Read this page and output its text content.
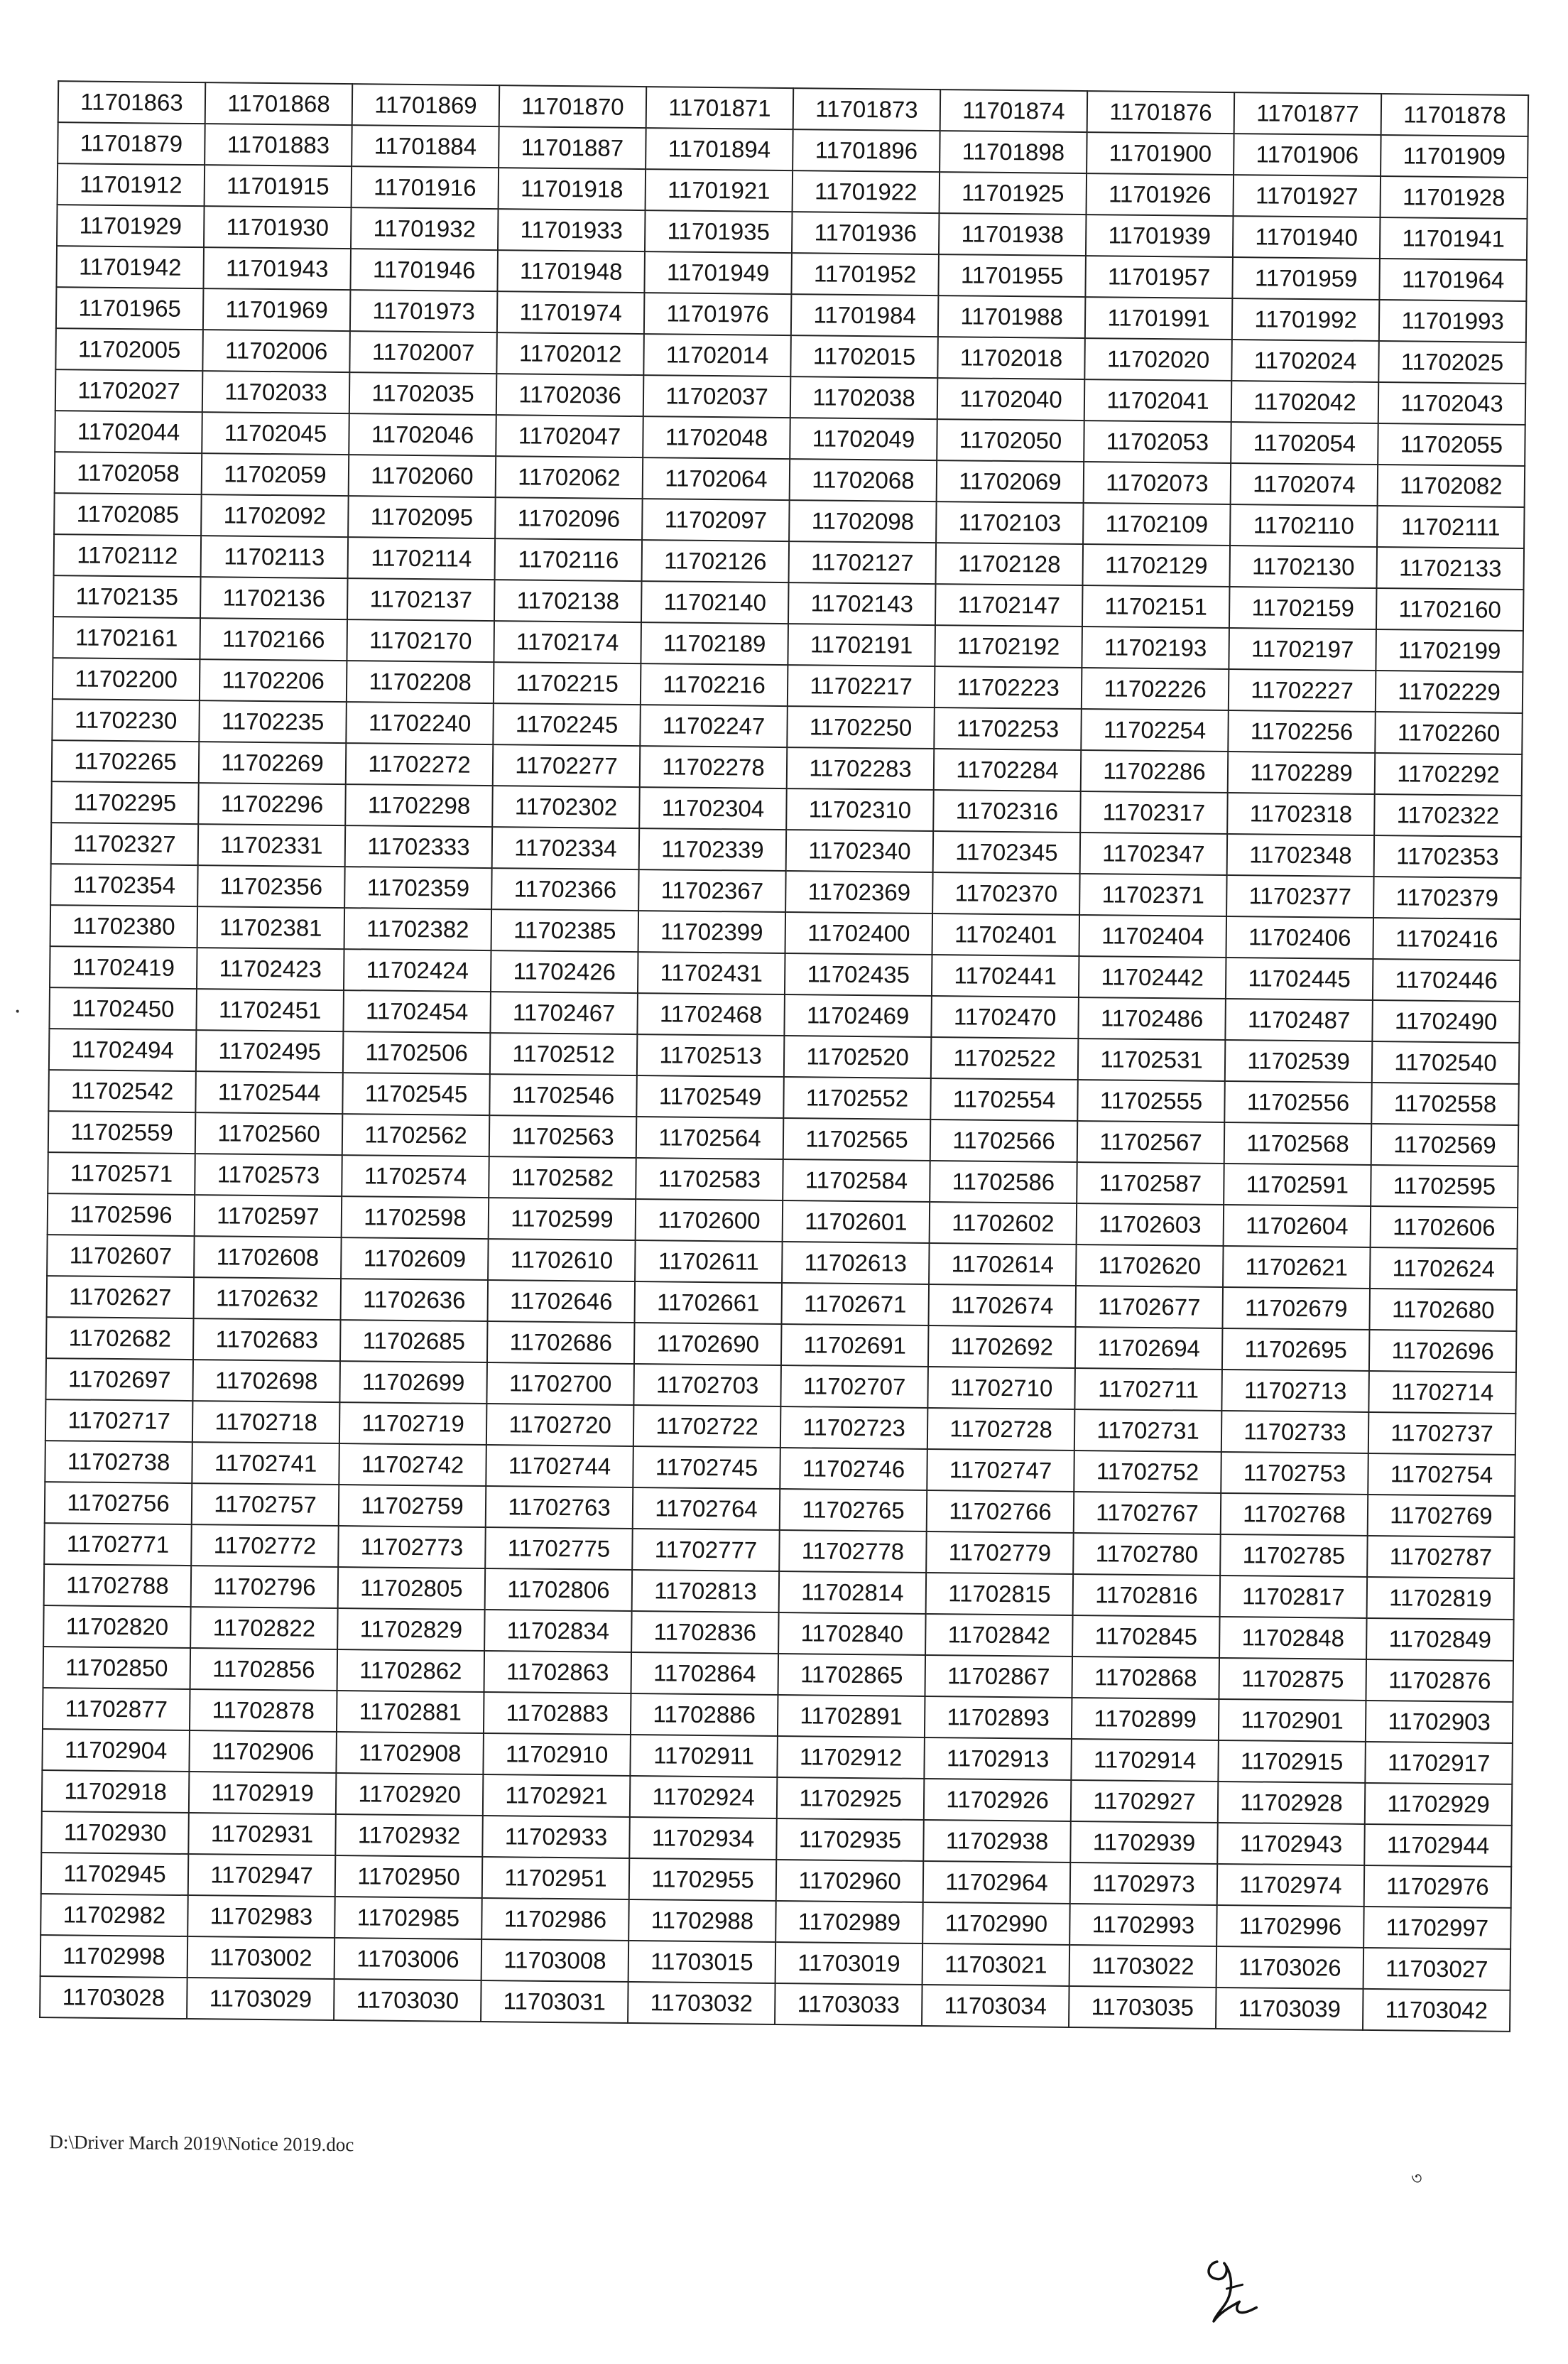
11701863	11701868	11701869	11701870	11701871	11701873	11701874	11701876	11701877	11701878
11701879	11701883	11701884	11701887	11701894	11701896	11701898	11701900	11701906	11701909
11701912	11701915	11701916	11701918	11701921	11701922	11701925	11701926	11701927	11701928
11701929	11701930	11701932	11701933	11701935	11701936	11701938	11701939	11701940	11701941
11701942	11701943	11701946	11701948	11701949	11701952	11701955	11701957	11701959	11701964
11701965	11701969	11701973	11701974	11701976	11701984	11701988	11701991	11701992	11701993
11702005	11702006	11702007	11702012	11702014	11702015	11702018	11702020	11702024	11702025
11702027	11702033	11702035	11702036	11702037	11702038	11702040	11702041	11702042	11702043
11702044	11702045	11702046	11702047	11702048	11702049	11702050	11702053	11702054	11702055
11702058	11702059	11702060	11702062	11702064	11702068	11702069	11702073	11702074	11702082
11702085	11702092	11702095	11702096	11702097	11702098	11702103	11702109	11702110	11702111
11702112	11702113	11702114	11702116	11702126	11702127	11702128	11702129	11702130	11702133
11702135	11702136	11702137	11702138	11702140	11702143	11702147	11702151	11702159	11702160
11702161	11702166	11702170	11702174	11702189	11702191	11702192	11702193	11702197	11702199
11702200	11702206	11702208	11702215	11702216	11702217	11702223	11702226	11702227	11702229
11702230	11702235	11702240	11702245	11702247	11702250	11702253	11702254	11702256	11702260
11702265	11702269	11702272	11702277	11702278	11702283	11702284	11702286	11702289	11702292
11702295	11702296	11702298	11702302	11702304	11702310	11702316	11702317	11702318	11702322
11702327	11702331	11702333	11702334	11702339	11702340	11702345	11702347	11702348	11702353
11702354	11702356	11702359	11702366	11702367	11702369	11702370	11702371	11702377	11702379
11702380	11702381	11702382	11702385	11702399	11702400	11702401	11702404	11702406	11702416
11702419	11702423	11702424	11702426	11702431	11702435	11702441	11702442	11702445	11702446
11702450	11702451	11702454	11702467	11702468	11702469	11702470	11702486	11702487	11702490
11702494	11702495	11702506	11702512	11702513	11702520	11702522	11702531	11702539	11702540
11702542	11702544	11702545	11702546	11702549	11702552	11702554	11702555	11702556	11702558
11702559	11702560	11702562	11702563	11702564	11702565	11702566	11702567	11702568	11702569
11702571	11702573	11702574	11702582	11702583	11702584	11702586	11702587	11702591	11702595
11702596	11702597	11702598	11702599	11702600	11702601	11702602	11702603	11702604	11702606
11702607	11702608	11702609	11702610	11702611	11702613	11702614	11702620	11702621	11702624
11702627	11702632	11702636	11702646	11702661	11702671	11702674	11702677	11702679	11702680
11702682	11702683	11702685	11702686	11702690	11702691	11702692	11702694	11702695	11702696
11702697	11702698	11702699	11702700	11702703	11702707	11702710	11702711	11702713	11702714
11702717	11702718	11702719	11702720	11702722	11702723	11702728	11702731	11702733	11702737
11702738	11702741	11702742	11702744	11702745	11702746	11702747	11702752	11702753	11702754
11702756	11702757	11702759	11702763	11702764	11702765	11702766	11702767	11702768	11702769
11702771	11702772	11702773	11702775	11702777	11702778	11702779	11702780	11702785	11702787
11702788	11702796	11702805	11702806	11702813	11702814	11702815	11702816	11702817	11702819
11702820	11702822	11702829	11702834	11702836	11702840	11702842	11702845	11702848	11702849
11702850	11702856	11702862	11702863	11702864	11702865	11702867	11702868	11702875	11702876
11702877	11702878	11702881	11702883	11702886	11702891	11702893	11702899	11702901	11702903
11702904	11702906	11702908	11702910	11702911	11702912	11702913	11702914	11702915	11702917
11702918	11702919	11702920	11702921	11702924	11702925	11702926	11702927	11702928	11702929
11702930	11702931	11702932	11702933	11702934	11702935	11702938	11702939	11702943	11702944
11702945	11702947	11702950	11702951	11702955	11702960	11702964	11702973	11702974	11702976
11702982	11702983	11702985	11702986	11702988	11702989	11702990	11702993	11702996	11702997
11702998	11703002	11703006	11703008	11703015	11703019	11703021	11703022	11703026	11703027
11703028	11703029	11703030	11703031	11703032	11703033	11703034	11703035	11703039	11703042
D:\Driver March 2019\Notice 2019.doc
৩
